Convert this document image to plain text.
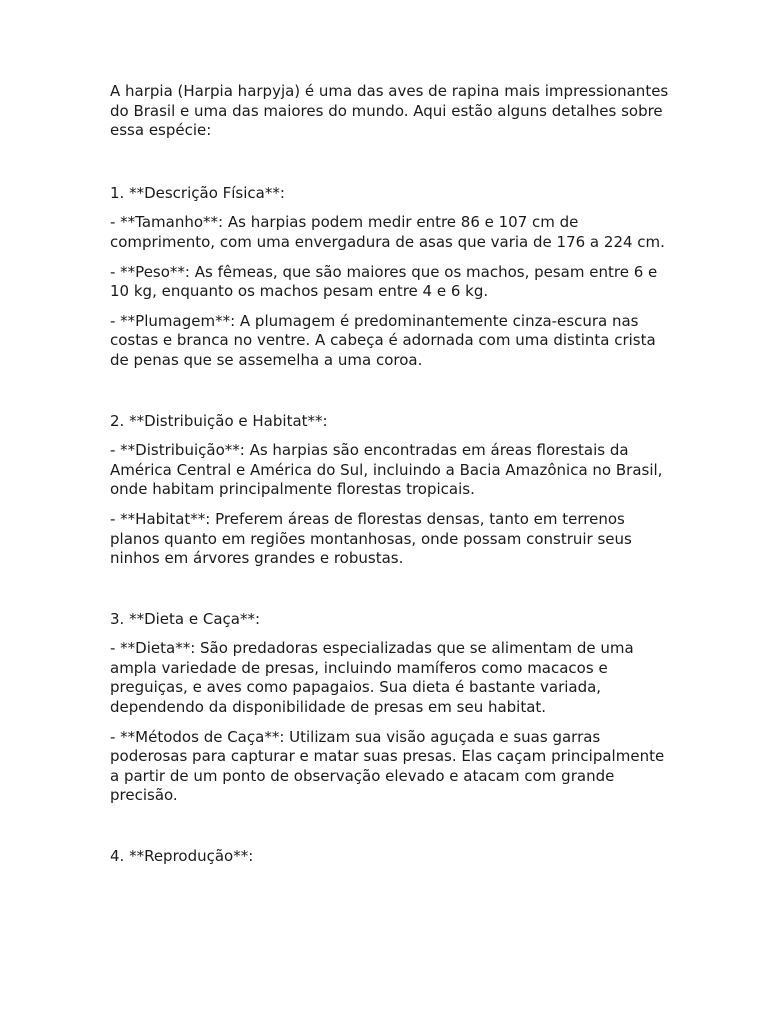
A harpia (Harpia harpyja) é uma das aves de rapina mais impressionantes do Brasil e uma das maiores do mundo. Aqui estão alguns detalhes sobre essa espécie:

1. **Descrição Física**:

- **Tamanho**: As harpias podem medir entre 86 e 107 cm de comprimento, com uma envergadura de asas que varia de 176 a 224 cm.

- **Peso**: As fêmeas, que são maiores que os machos, pesam entre 6 e 10 kg, enquanto os machos pesam entre 4 e 6 kg.

- **Plumagem**: A plumagem é predominantemente cinza-escura nas costas e branca no ventre. A cabeça é adornada com uma distinta crista de penas que se assemelha a uma coroa.

2. **Distribuição e Habitat**:

- **Distribuição**: As harpias são encontradas em áreas florestais da América Central e América do Sul, incluindo a Bacia Amazônica no Brasil, onde habitam principalmente florestas tropicais.

- **Habitat**: Preferem áreas de florestas densas, tanto em terrenos planos quanto em regiões montanhosas, onde possam construir seus ninhos em árvores grandes e robustas.

3. **Dieta e Caça**:

- **Dieta**: São predadoras especializadas que se alimentam de uma ampla variedade de presas, incluindo mamíferos como macacos e preguiças, e aves como papagaios. Sua dieta é bastante variada, dependendo da disponibilidade de presas em seu habitat.

- **Métodos de Caça**: Utilizam sua visão aguçada e suas garras poderosas para capturar e matar suas presas. Elas caçam principalmente a partir de um ponto de observação elevado e atacam com grande precisão.

4. **Reprodução**:
